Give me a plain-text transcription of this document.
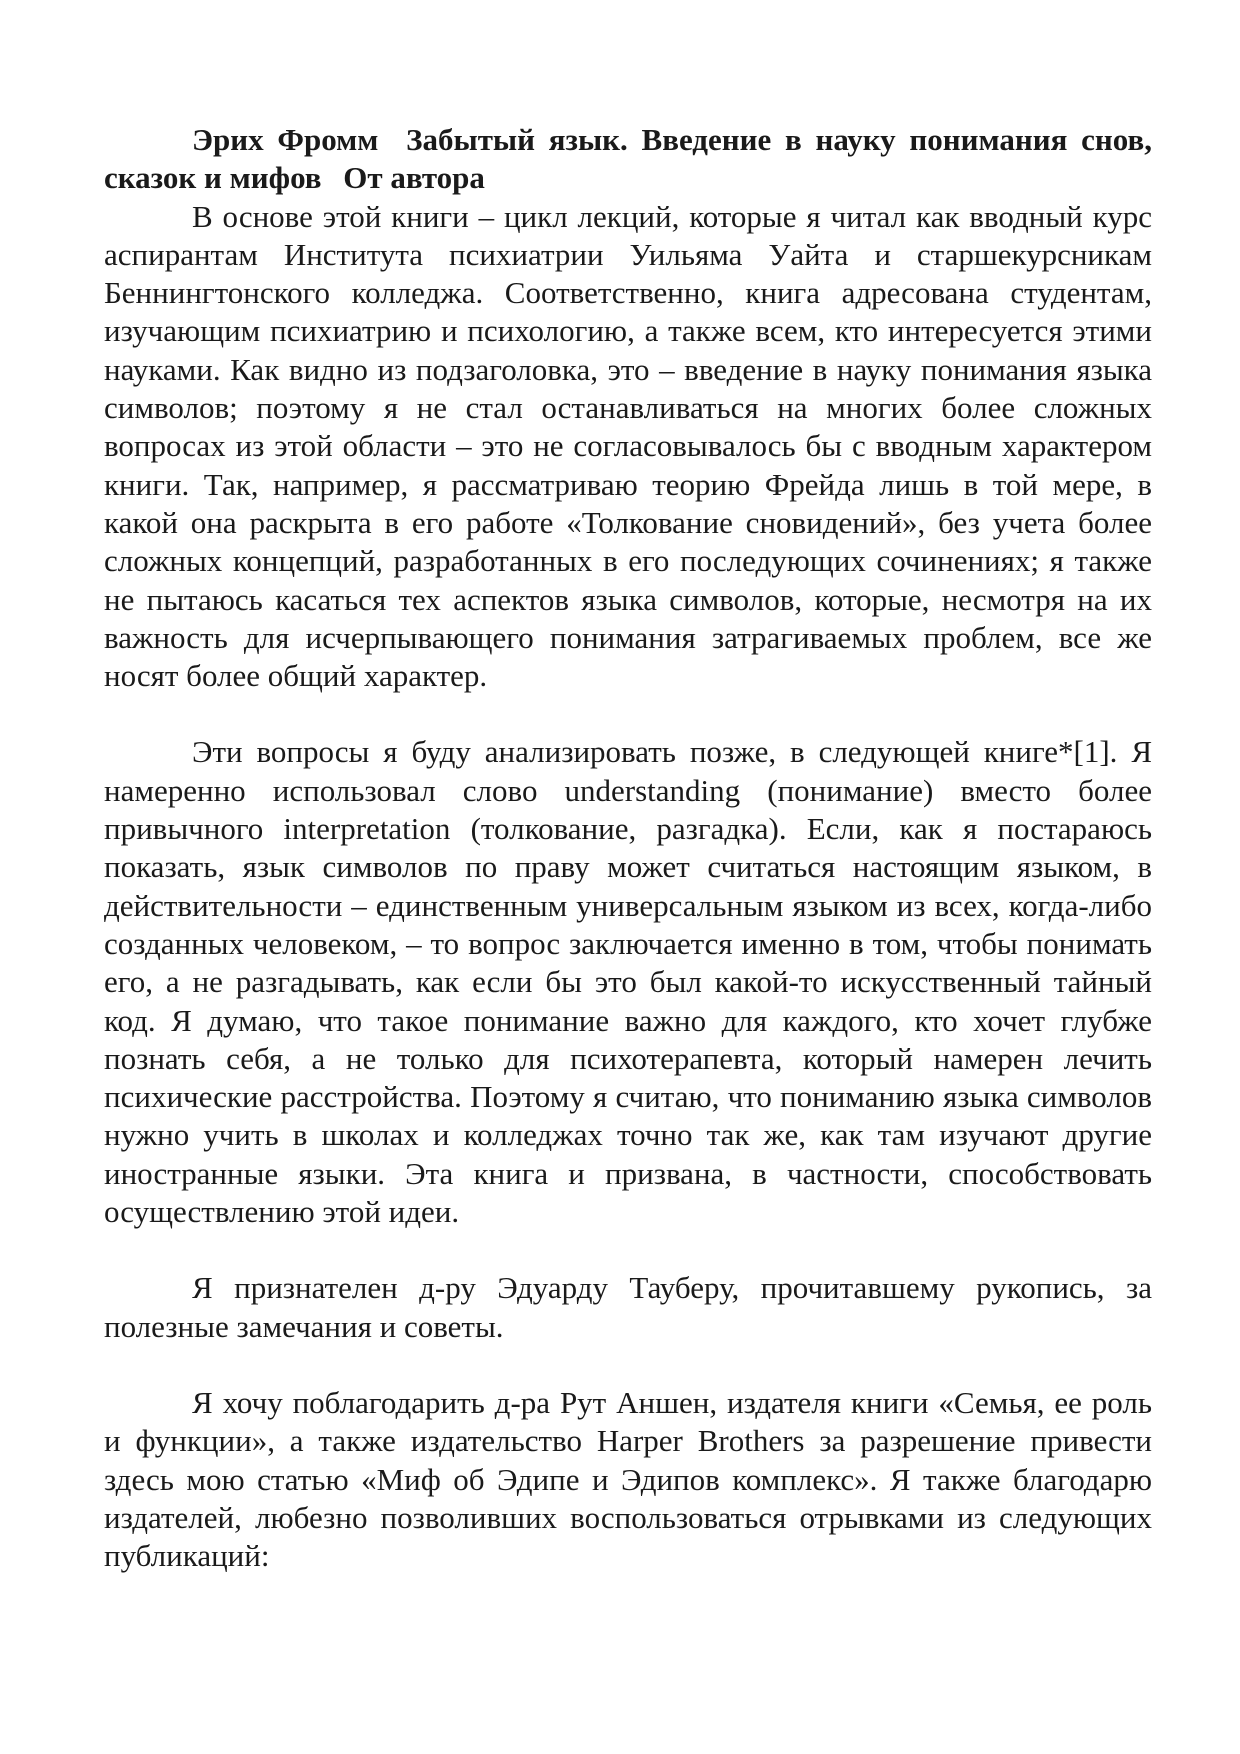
Эрих Фромм Забытый язык. Введение в науку понимания снов, сказок и мифов От автора

В основе этой книги – цикл лекций, которые я читал как вводный курс аспирантам Института психиатрии Уильяма Уайта и старшекурсникам Беннингтонского колледжа. Соответственно, книга адресована студентам, изучающим психиатрию и психологию, а также всем, кто интересуется этими науками. Как видно из подзаголовка, это – введение в науку понимания языка символов; поэтому я не стал останавливаться на многих более сложных вопросах из этой области – это не согласовывалось бы с вводным характером книги. Так, например, я рассматриваю теорию Фрейда лишь в той мере, в какой она раскрыта в его работе «Толкование сновидений», без учета более сложных концепций, разработанных в его последующих сочинениях; я также не пытаюсь касаться тех аспектов языка символов, которые, несмотря на их важность для исчерпывающего понимания затрагиваемых проблем, все же носят более общий характер.

Эти вопросы я буду анализировать позже, в следующей книге*[1]. Я намеренно использовал слово understanding (понимание) вместо более привычного interpretation (толкование, разгадка). Если, как я постараюсь показать, язык символов по праву может считаться настоящим языком, в действительности – единственным универсальным языком из всех, когда-либо созданных человеком, – то вопрос заключается именно в том, чтобы понимать его, а не разгадывать, как если бы это был какой-то искусственный тайный код. Я думаю, что такое понимание важно для каждого, кто хочет глубже познать себя, а не только для психотерапевта, который намерен лечить психические расстройства. Поэтому я считаю, что пониманию языка символов нужно учить в школах и колледжах точно так же, как там изучают другие иностранные языки. Эта книга и призвана, в частности, способствовать осуществлению этой идеи.

Я признателен д-ру Эдуарду Тауберу, прочитавшему рукопись, за полезные замечания и советы.

Я хочу поблагодарить д-ра Рут Аншен, издателя книги «Семья, ее роль и функции», а также издательство Harper Brothers за разрешение привести здесь мою статью «Миф об Эдипе и Эдипов комплекс». Я также благодарю издателей, любезно позволивших воспользоваться отрывками из следующих публикаций:
